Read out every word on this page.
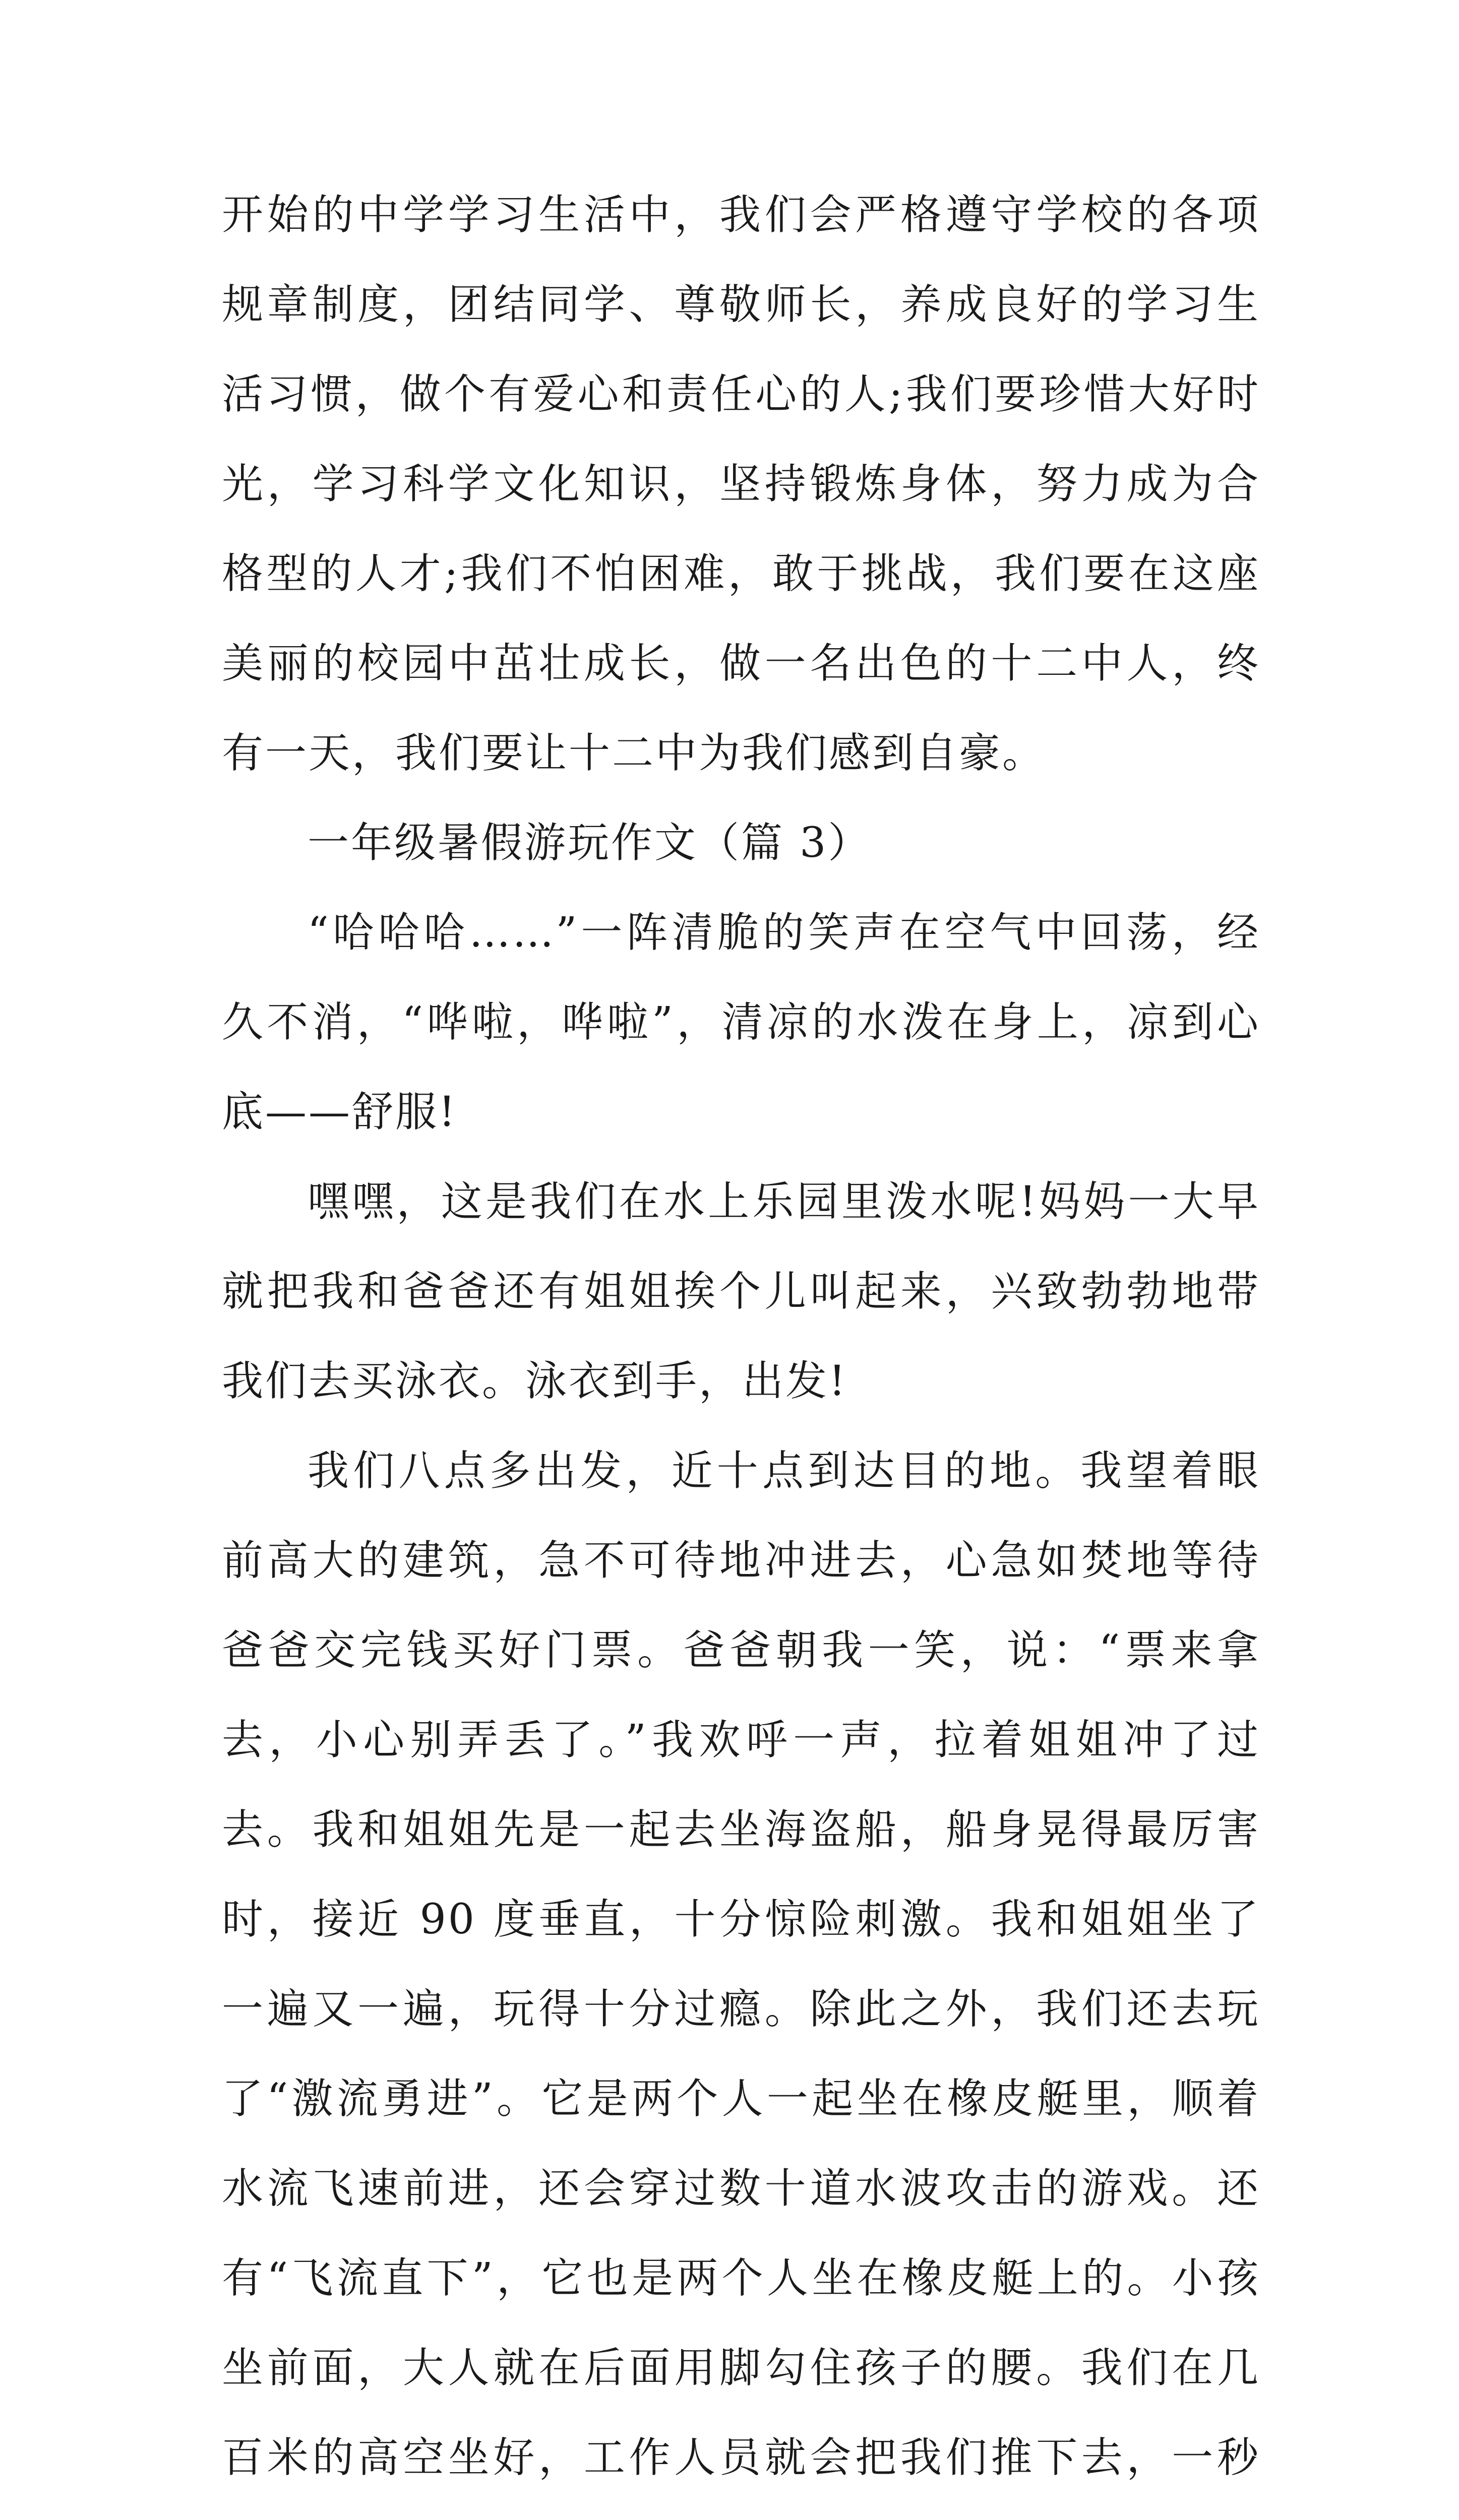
开始的中学学习生活中，我们会严格遵守学校的各项规章制度，团结同学、尊敬师长，养成良好的学习生活习惯，做个有爱心和责任心的人;我们要珍惜大好时光，学习科学文化知识，坚持锻炼身体，努力成为合格型的人才;我们不怕困难，敢于挑战，我们要在这座美丽的校园中茁壮成长，做一名出色的十二中人，终有一天，我们要让十二中为我们感到自豪。

一年级暑假游玩作文（篇 3）

“哈哈哈……”一阵清脆的笑声在空气中回荡，经久不消，“哗啦，哗啦”，清凉的水泼在身上，凉到心底——舒服!

嘿嘿，这是我们在水上乐园里泼水呢!妈妈一大早就把我和爸爸还有姐姐挨个儿叫起来，兴致勃勃地带我们去买泳衣。泳衣到手，出发!

我们八点多出发，近十点到达目的地。我望着眼前高大的建筑，急不可待地冲进去，心急如焚地等待爸爸交完钱买好门票。爸爸朝我一笑，说：“票来拿去，小心别弄丢了。”我欢呼一声，拉着姐姐冲了过去。我和姐姐先是一起去坐海盗船，船身晃得最厉害时，接近 90 度垂直，十分惊险刺激。我和姐姐坐了一遍又一遍，玩得十分过瘾。除此之外，我们还去玩了“激流勇进”。它是两个人一起坐在橡皮艇里，顺着水流飞速前进，还会穿过数十道水波攻击的游戏。还有“飞流直下”，它也是两个人坐在橡皮艇上的。小孩坐前面，大人就在后面用脚勾住孩子的腰。我们在几百米的高空坐好，工作人员就会把我们推下去，一秒
